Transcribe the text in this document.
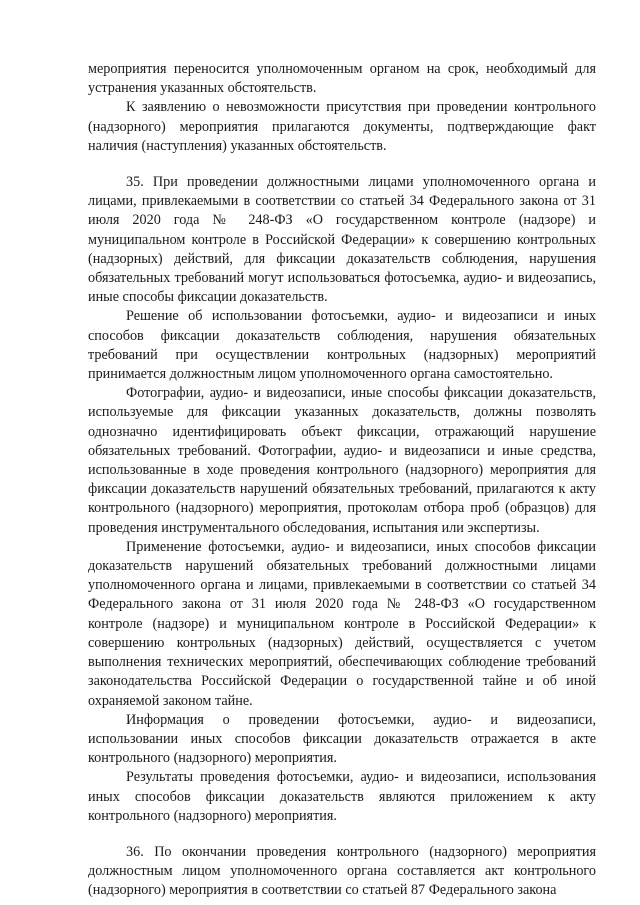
мероприятия переносится уполномоченным органом на срок, необходимый для устранения указанных обстоятельств.

К заявлению о невозможности присутствия при проведении контрольного (надзорного) мероприятия прилагаются документы, подтверждающие факт наличия (наступления) указанных обстоятельств.

35. При проведении должностными лицами уполномоченного органа и лицами, привлекаемыми в соответствии со статьей 34 Федерального закона от 31 июля 2020 года № 248-ФЗ «О государственном контроле (надзоре) и муниципальном контроле в Российской Федерации» к совершению контрольных (надзорных) действий, для фиксации доказательств соблюдения, нарушения обязательных требований могут использоваться фотосъемка, аудио- и видеозапись, иные способы фиксации доказательств.

Решение об использовании фотосъемки, аудио- и видеозаписи и иных способов фиксации доказательств соблюдения, нарушения обязательных требований при осуществлении контрольных (надзорных) мероприятий принимается должностным лицом уполномоченного органа самостоятельно.

Фотографии, аудио- и видеозаписи, иные способы фиксации доказательств, используемые для фиксации указанных доказательств, должны позволять однозначно идентифицировать объект фиксации, отражающий нарушение обязательных требований. Фотографии, аудио- и видеозаписи и иные средства, использованные в ходе проведения контрольного (надзорного) мероприятия для фиксации доказательств нарушений обязательных требований, прилагаются к акту контрольного (надзорного) мероприятия, протоколам отбора проб (образцов) для проведения инструментального обследования, испытания или экспертизы.

Применение фотосъемки, аудио- и видеозаписи, иных способов фиксации доказательств нарушений обязательных требований должностными лицами уполномоченного органа и лицами, привлекаемыми в соответствии со статьей 34 Федерального закона от 31 июля 2020 года № 248-ФЗ «О государственном контроле (надзоре) и муниципальном контроле в Российской Федерации» к совершению контрольных (надзорных) действий, осуществляется с учетом выполнения технических мероприятий, обеспечивающих соблюдение требований законодательства Российской Федерации о государственной тайне и об иной охраняемой законом тайне.

Информация о проведении фотосъемки, аудио- и видеозаписи, использовании иных способов фиксации доказательств отражается в акте контрольного (надзорного) мероприятия.

Результаты проведения фотосъемки, аудио- и видеозаписи, использования иных способов фиксации доказательств являются приложением к акту контрольного (надзорного) мероприятия.

36. По окончании проведения контрольного (надзорного) мероприятия должностным лицом уполномоченного органа составляется акт контрольного (надзорного) мероприятия в соответствии со статьей 87 Федерального закона
